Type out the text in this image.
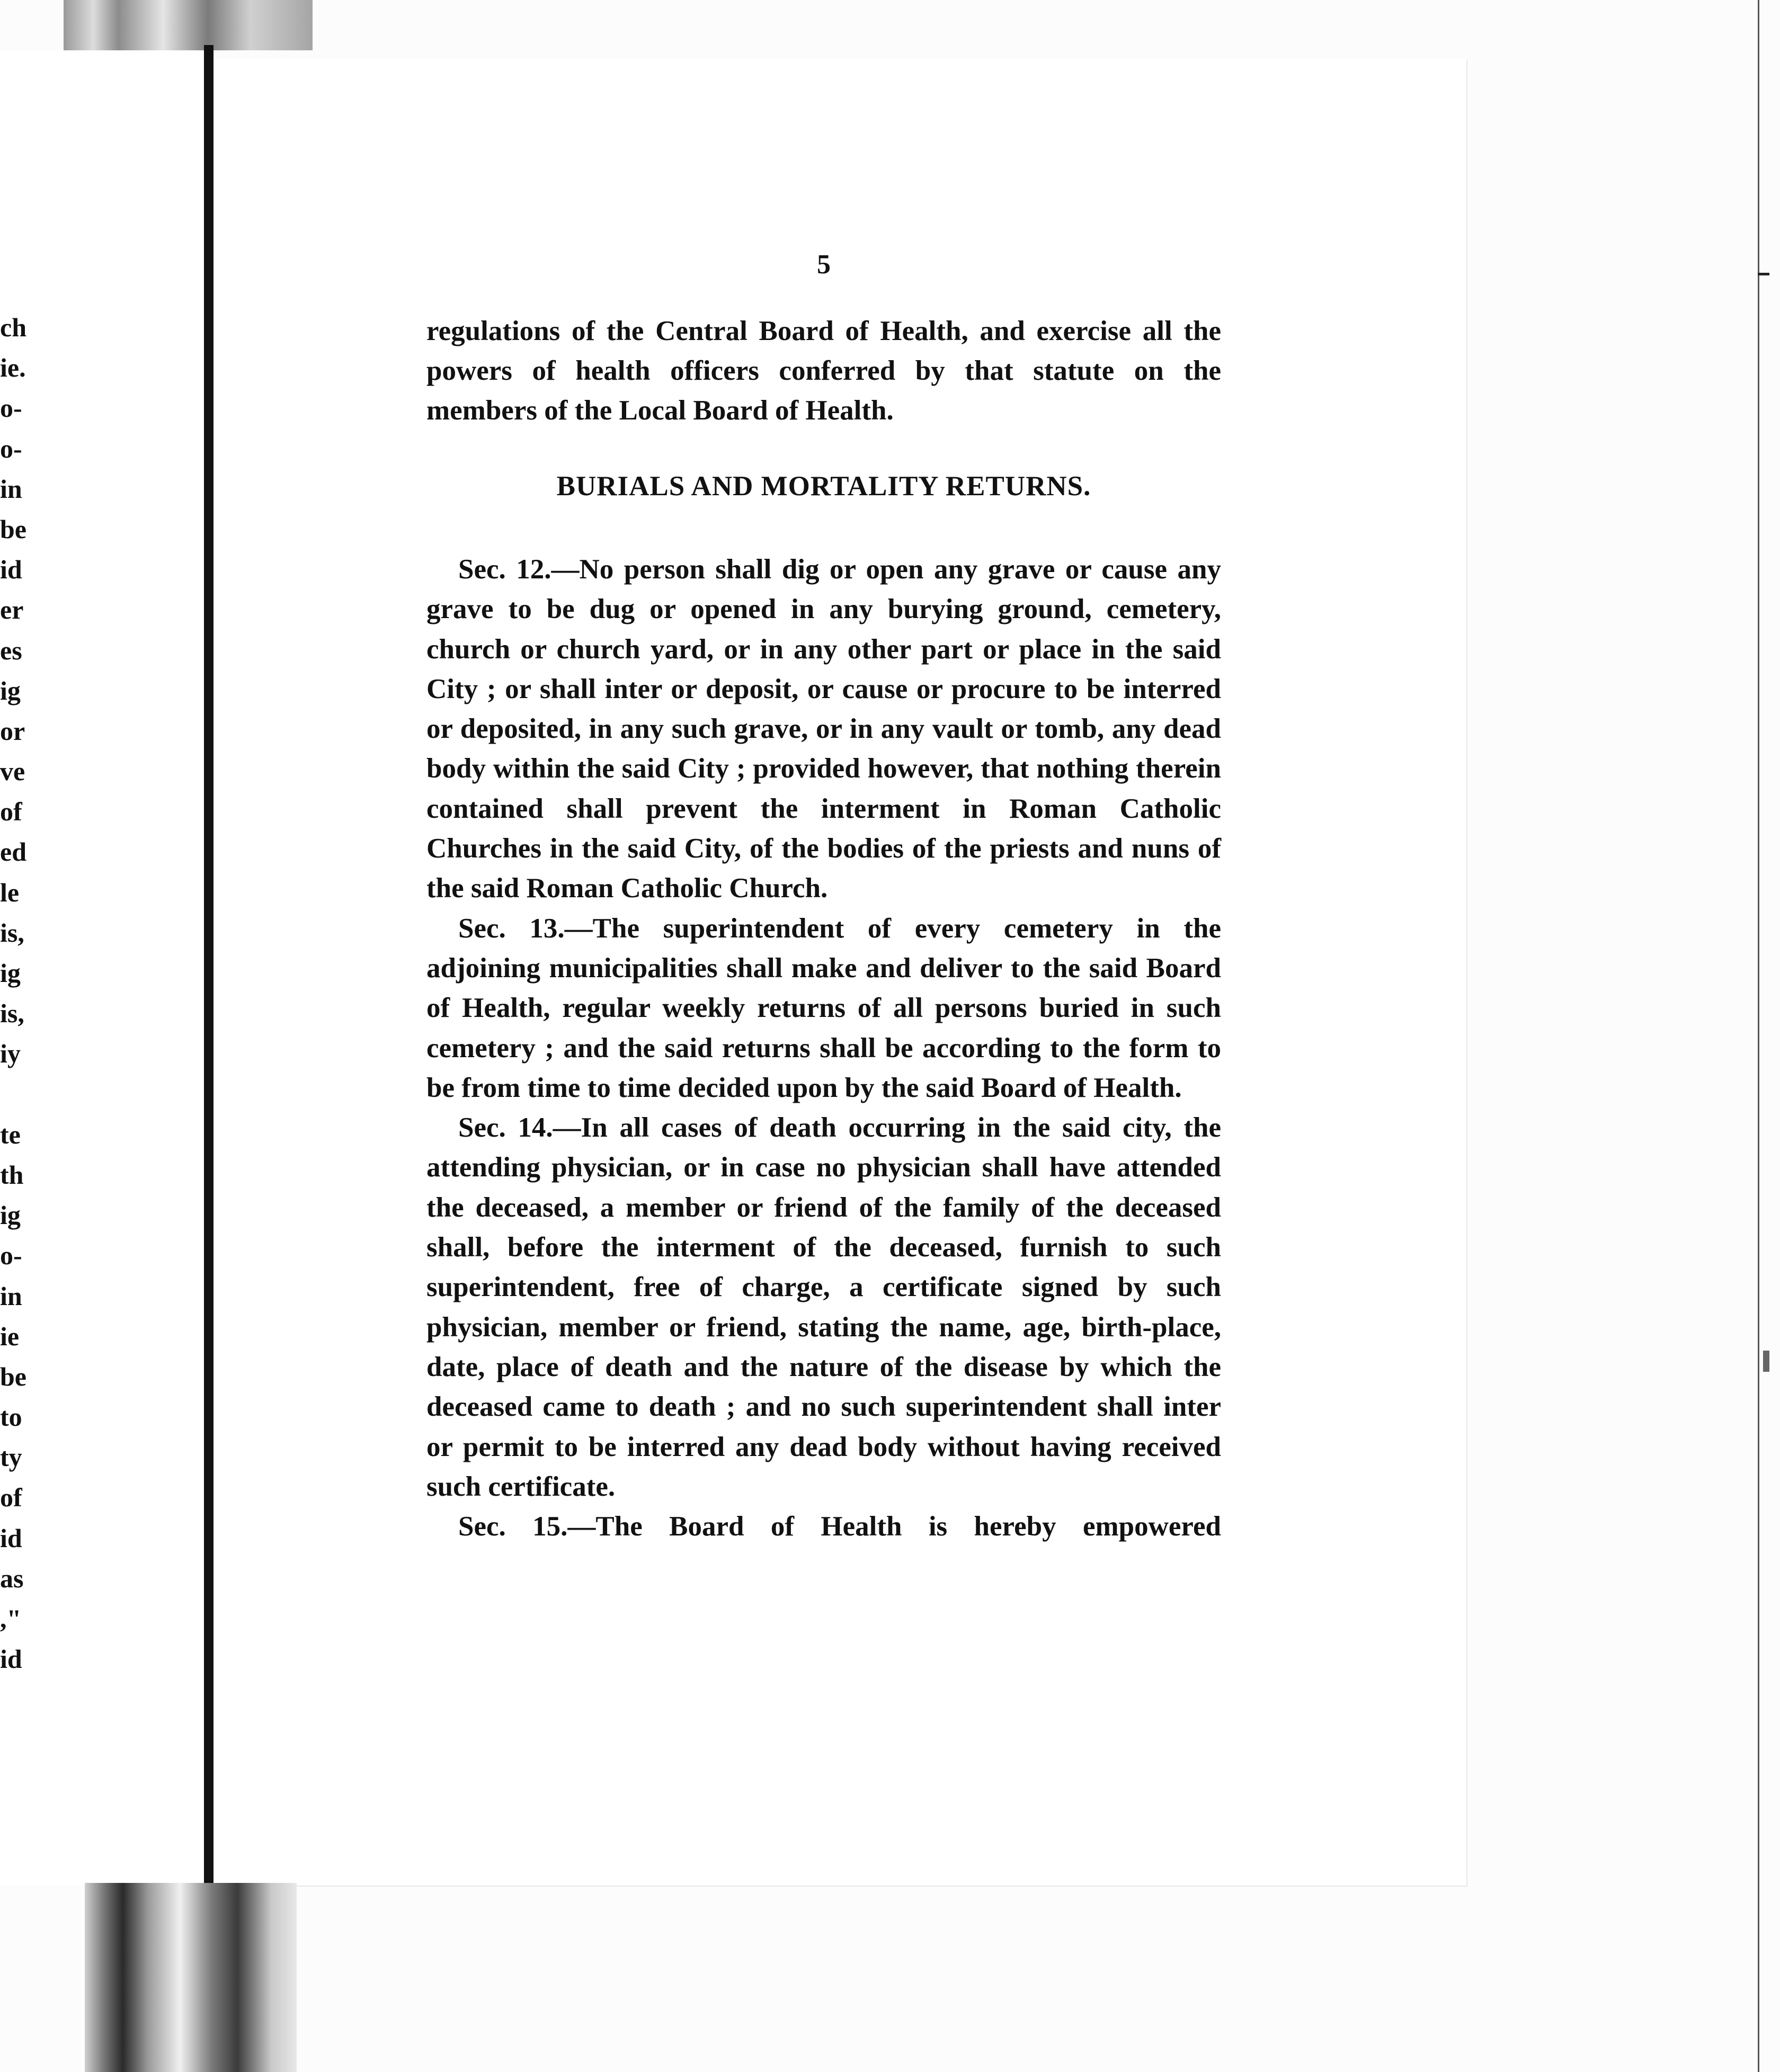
ch
ie.
o-
o-
in
be
id
er
es
ig
or
ve
of
ed
le
is,
ig
is,
iy
te
th
ig
o-
in
ie
be
to
ty
of
id
as
,"
id
5

regulations of the Central Board of Health, and exercise all the powers of health officers conferred by that statute on the members of the Local Board of Health.

BURIALS AND MORTALITY RETURNS.

Sec. 12.—No person shall dig or open any grave or cause any grave to be dug or opened in any burying ground, cemetery, church or church yard, or in any other part or place in the said City ; or shall inter or deposit, or cause or procure to be interred or deposited, in any such grave, or in any vault or tomb, any dead body within the said City ; provided however, that nothing therein contained shall prevent the interment in Roman Catholic Churches in the said City, of the bodies of the priests and nuns of the said Roman Catholic Church.

Sec. 13.—The superintendent of every cemetery in the adjoining municipalities shall make and deliver to the said Board of Health, regular weekly returns of all persons buried in such cemetery ; and the said returns shall be according to the form to be from time to time decided upon by the said Board of Health.

Sec. 14.—In all cases of death occurring in the said city, the attending physician, or in case no physician shall have attended the deceased, a member or friend of the family of the deceased shall, before the interment of the deceased, furnish to such superintendent, free of charge, a certificate signed by such physician, member or friend, stating the name, age, birth-place, date, place of death and the nature of the disease by which the deceased came to death ; and no such superintendent shall inter or permit to be interred any dead body without having received such certificate.

Sec. 15.—The Board of Health is hereby empowered
